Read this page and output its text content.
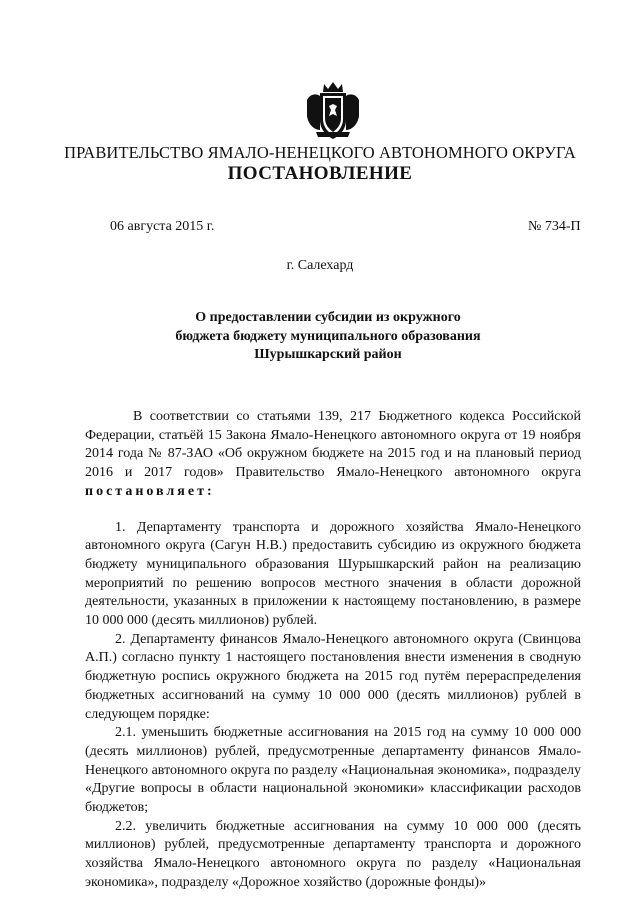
ПРАВИТЕЛЬСТВО ЯМАЛО-НЕНЕЦКОГО АВТОНОМНОГО ОКРУГА
ПОСТАНОВЛЕНИЕ
06 августа 2015 г.	№ 734-П
г. Салехард
О предоставлении субсидии из окружного
бюджета бюджету муниципального образования
Шурышкарский район

В соответствии со статьями 139, 217 Бюджетного кодекса Российской Федерации, статьёй 15 Закона Ямало-Ненецкого автономного округа от 19 ноября 2014 года № 87-ЗАО «Об окружном бюджете на 2015 год и на плановый период 2016 и 2017 годов» Правительство Ямало-Ненецкого автономного округа постановляет:

1. Департаменту транспорта и дорожного хозяйства Ямало-Ненецкого автономного округа (Сагун Н.В.) предоставить субсидию из окружного бюджета бюджету муниципального образования Шурышкарский район на реализацию мероприятий по решению вопросов местного значения в области дорожной деятельности, указанных в приложении к настоящему постановлению, в размере 10 000 000 (десять миллионов) рублей.

2. Департаменту финансов Ямало-Ненецкого автономного округа (Свинцова А.П.) согласно пункту 1 настоящего постановления внести изменения в сводную бюджетную роспись окружного бюджета на 2015 год путём перераспределения бюджетных ассигнований на сумму 10 000 000 (десять миллионов) рублей в следующем порядке:

2.1. уменьшить бюджетные ассигнования на 2015 год на сумму 10 000 000 (десять миллионов) рублей, предусмотренные департаменту финансов Ямало-Ненецкого автономного округа по разделу «Национальная экономика», подразделу «Другие вопросы в области национальной экономики» классификации расходов бюджетов;

2.2. увеличить бюджетные ассигнования на сумму 10 000 000 (десять миллионов) рублей, предусмотренные департаменту транспорта и дорожного хозяйства Ямало-Ненецкого автономного округа по разделу «Национальная экономика», подразделу «Дорожное хозяйство (дорожные фонды)»
